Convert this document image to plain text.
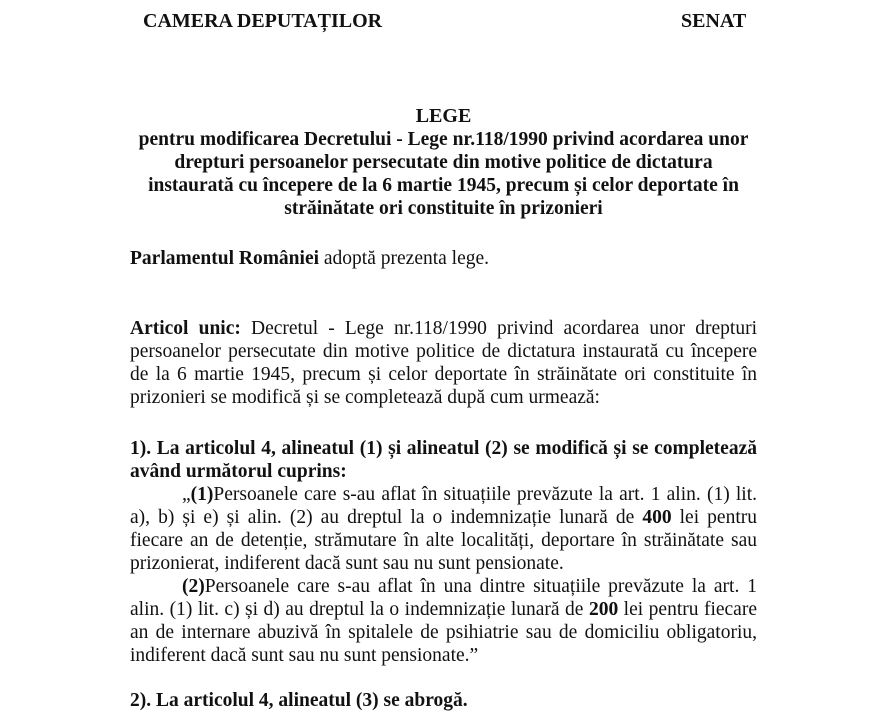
CAMERA DEPUTAȚILOR	SENAT
LEGE
pentru modificarea Decretului - Lege nr.118/1990 privind acordarea unor drepturi persoanelor persecutate din motive politice de dictatura instaurată cu începere de la 6 martie 1945, precum și celor deportate în străinătate ori constituite în prizonieri
Parlamentul României adoptă prezenta lege.
Articol unic: Decretul - Lege nr.118/1990 privind acordarea unor drepturi persoanelor persecutate din motive politice de dictatura instaurată cu începere de la 6 martie 1945, precum și celor deportate în străinătate ori constituite în prizonieri se modifică și se completează după cum urmează:
1). La articolul 4, alineatul (1) și alineatul (2) se modifică și se completează având următorul cuprins:

„(1)Persoanele care s-au aflat în situațiile prevăzute la art. 1 alin. (1) lit. a), b) și e) și alin. (2) au dreptul la o indemnizație lunară de 400 lei pentru fiecare an de detenție, strămutare în alte localități, deportare în străinătate sau prizonierat, indiferent dacă sunt sau nu sunt pensionate.

(2)Persoanele care s-au aflat în una dintre situațiile prevăzute la art. 1 alin. (1) lit. c) și d) au dreptul la o indemnizație lunară de 200 lei pentru fiecare an de internare abuzivă în spitalele de psihiatrie sau de domiciliu obligatoriu, indiferent dacă sunt sau nu sunt pensionate.”

2). La articolul 4, alineatul (3) se abrogă.
